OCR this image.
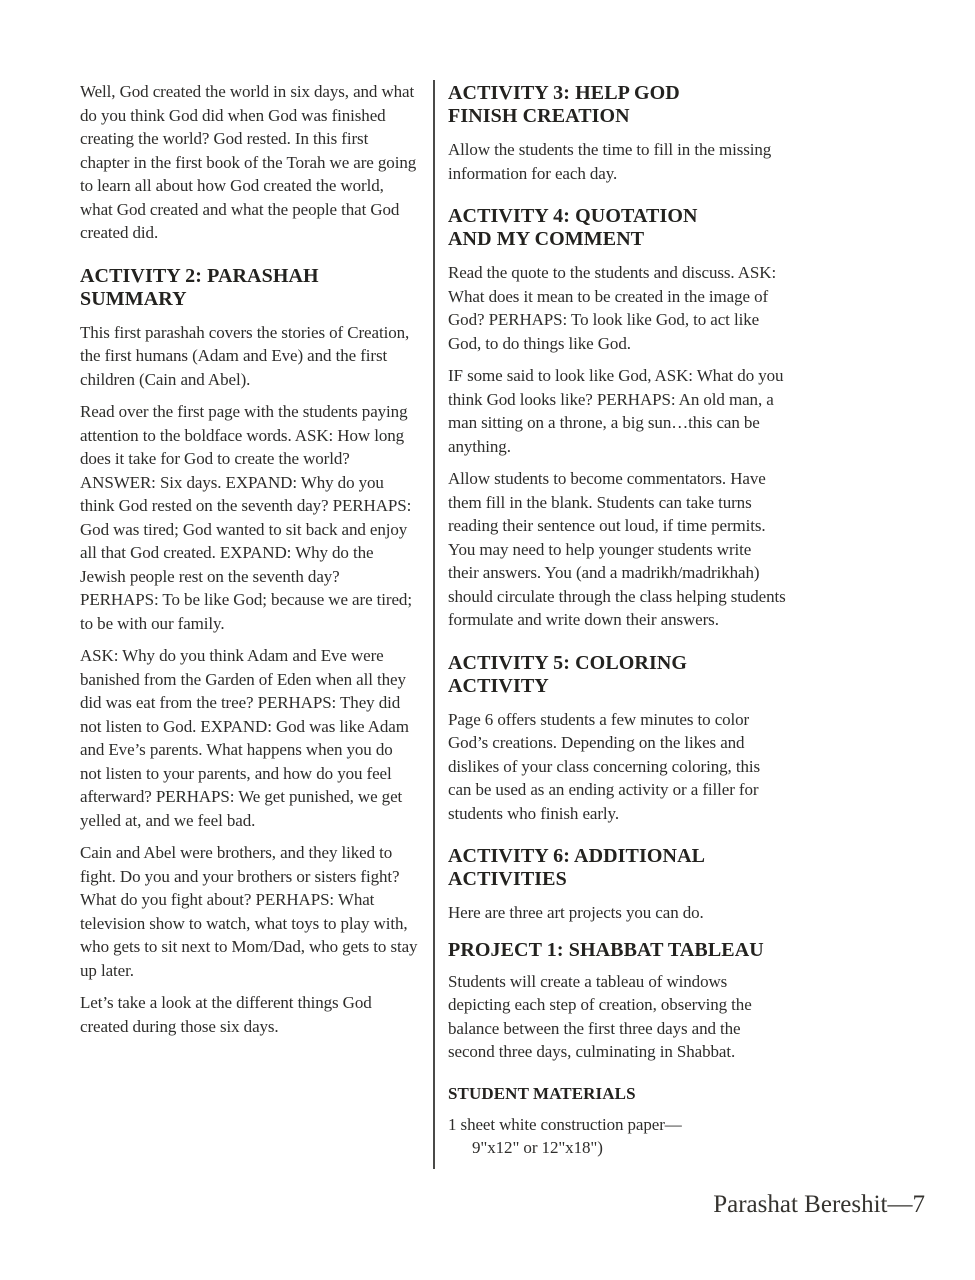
Well, God created the world in six days, and what do you think God did when God was finished creating the world? God rested. In this first chapter in the first book of the Torah we are going to learn all about how God created the world, what God created and what the people that God created did.

ACTIVITY 2: PARASHAH
SUMMARY

This first parashah covers the stories of Creation, the first humans (Adam and Eve) and the first children (Cain and Abel).

Read over the first page with the students paying attention to the boldface words. ASK: How long does it take for God to create the world? ANSWER: Six days. EXPAND: Why do you think God rested on the seventh day? PERHAPS: God was tired; God wanted to sit back and enjoy all that God created. EXPAND: Why do the Jewish people rest on the seventh day? PERHAPS: To be like God; because we are tired; to be with our family.

ASK: Why do you think Adam and Eve were banished from the Garden of Eden when all they did was eat from the tree? PERHAPS: They did not listen to God. EXPAND: God was like Adam and Eve’s parents. What happens when you do not listen to your parents, and how do you feel afterward? PERHAPS: We get punished, we get yelled at, and we feel bad.

Cain and Abel were brothers, and they liked to fight. Do you and your brothers or sisters fight? What do you fight about? PERHAPS: What television show to watch, what toys to play with, who gets to sit next to Mom/Dad, who gets to stay up later.

Let’s take a look at the different things God created during those six days.

ACTIVITY 3: HELP GOD
FINISH CREATION

Allow the students the time to fill in the missing information for each day.

ACTIVITY 4: QUOTATION
AND MY COMMENT

Read the quote to the students and discuss. ASK: What does it mean to be created in the image of God? PERHAPS: To look like God, to act like God, to do things like God.

IF some said to look like God, ASK: What do you think God looks like? PERHAPS: An old man, a man sitting on a throne, a big sun…this can be anything.

Allow students to become commentators. Have them fill in the blank. Students can take turns reading their sentence out loud, if time permits. You may need to help younger students write their answers. You (and a madrikh/madrikhah) should circulate through the class helping students formulate and write down their answers.

ACTIVITY 5: COLORING
ACTIVITY

Page 6 offers students a few minutes to color God’s creations. Depending on the likes and dislikes of your class concerning coloring, this can be used as an ending activity or a filler for students who finish early.

ACTIVITY 6: ADDITIONAL
ACTIVITIES

Here are three art projects you can do.

PROJECT 1: SHABBAT TABLEAU

Students will create a tableau of windows depicting each step of creation, observing the balance between the first three days and the second three days, culminating in Shabbat.

STUDENT MATERIALS

1 sheet white construction paper—

9"x12" or 12"x18")

Parashat Bereshit—7
